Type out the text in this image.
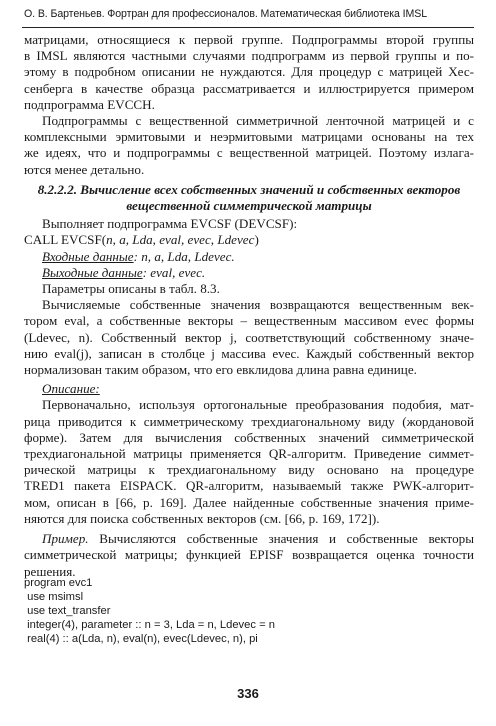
О. В. Бартеньев. Фортран для профессионалов. Математическая библиотека IMSL

матрицами, относящиеся к первой группе. Подпрограммы второй группы
в IMSL являются частными случаями подпрограмм из первой группы и по-
этому в подробном описании не нуждаются. Для процедур с матрицей Хес-
сенберга в качестве образца рассматривается и иллюстрируется примером
подпрограмма EVCCH.

Подпрограммы с вещественной симметричной ленточной матрицей и с
комплексными эрмитовыми и неэрмитовыми матрицами основаны на тех
же идеях, что и подпрограммы с вещественной матрицей. Поэтому излага-
ются менее детально.

8.2.2.2. Вычисление всех собственных значений и собственных векторов
вещественной симметрической матрицы

Выполняет подпрограмма EVCSF (DEVCSF):

CALL EVCSF(n, a, Lda, eval, evec, Ldevec)

Входные данные: n, a, Lda, Ldevec.

Выходные данные: eval, evec.

Параметры описаны в табл. 8.3.

Вычисляемые собственные значения возвращаются вещественным век-
тором eval, а собственные векторы – вещественным массивом evec формы
(Ldevec, n). Собственный вектор j, соответствующий собственному значе-
нию eval(j), записан в столбце j массива evec. Каждый собственный вектор
нормализован таким образом, что его евклидова длина равна единице.

Описание:

Первоначально, используя ортогональные преобразования подобия, мат-
рица приводится к симметрическому трехдиагональному виду (жордановой
форме). Затем для вычисления собственных значений симметрической
трехдиагональной матрицы применяется QR-алгоритм. Приведение симмет-
рической матрицы к трехдиагональному виду основано на процедуре
TRED1 пакета EISPACK. QR-алгоритм, называемый также PWK-алгорит-
мом, описан в [66, p. 169]. Далее найденные собственные значения приме-
няются для поиска собственных векторов (см. [66, p. 169, 172]).

Пример. Вычисляются собственные значения и собственные векторы
симметрической матрицы; функцией EPISF возвращается оценка точности
решения.

program evc1
use msimsl
use text_transfer
integer(4), parameter :: n = 3, Lda = n, Ldevec = n
real(4) :: a(Lda, n), eval(n), evec(Ldevec, n), pi
336
